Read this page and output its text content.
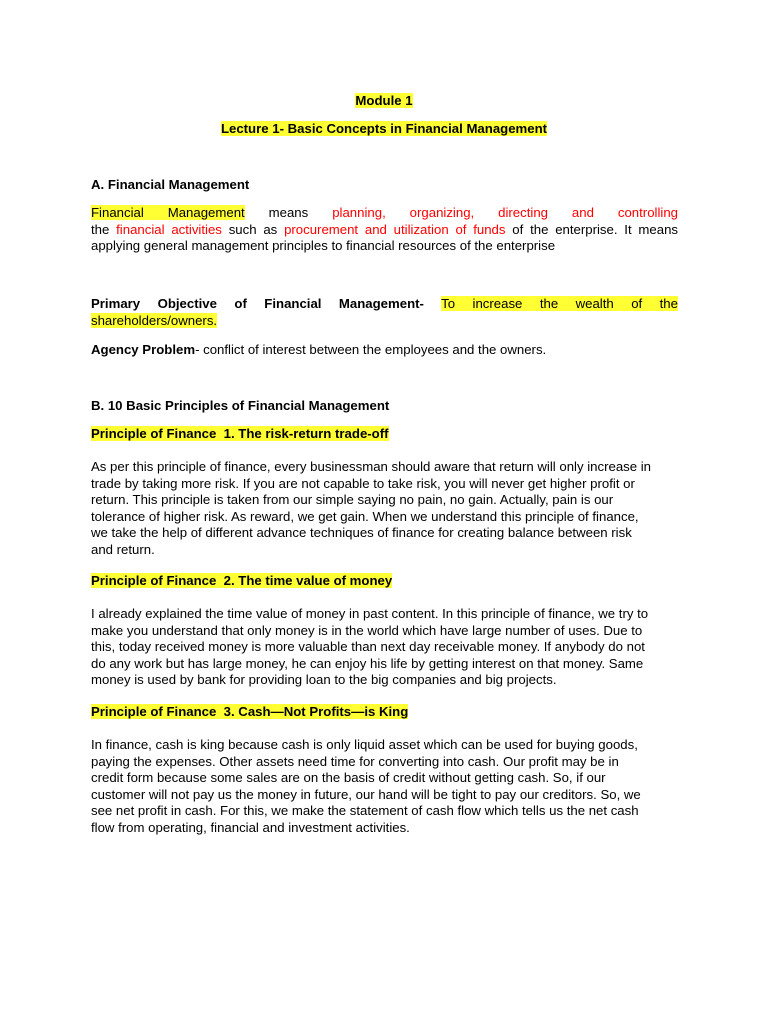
Module 1
Lecture 1- Basic Concepts in Financial Management
A. Financial Management
Financial Management means planning, organizing, directing and controlling
the financial activities such as procurement and utilization of funds of the enterprise. It means
applying general management principles to financial resources of the enterprise
Primary Objective of Financial Management- To increase the wealth of the
shareholders/owners.
Agency Problem- conflict of interest between the employees and the owners.
B. 10 Basic Principles of Financial Management
Principle of Finance  1. The risk-return trade-off
As per this principle of finance, every businessman should aware that return will only increase in
trade by taking more risk. If you are not capable to take risk, you will never get higher profit or
return. This principle is taken from our simple saying no pain, no gain. Actually, pain is our
tolerance of higher risk. As reward, we get gain. When we understand this principle of finance,
we take the help of different advance techniques of finance for creating balance between risk
and return.
Principle of Finance  2. The time value of money
I already explained the time value of money in past content. In this principle of finance, we try to
make you understand that only money is in the world which have large number of uses. Due to
this, today received money is more valuable than next day receivable money. If anybody do not
do any work but has large money, he can enjoy his life by getting interest on that money. Same
money is used by bank for providing loan to the big companies and big projects.
Principle of Finance  3. Cash—Not Profits—is King
In finance, cash is king because cash is only liquid asset which can be used for buying goods,
paying the expenses. Other assets need time for converting into cash. Our profit may be in
credit form because some sales are on the basis of credit without getting cash. So, if our
customer will not pay us the money in future, our hand will be tight to pay our creditors. So, we
see net profit in cash. For this, we make the statement of cash flow which tells us the net cash
flow from operating, financial and investment activities.
